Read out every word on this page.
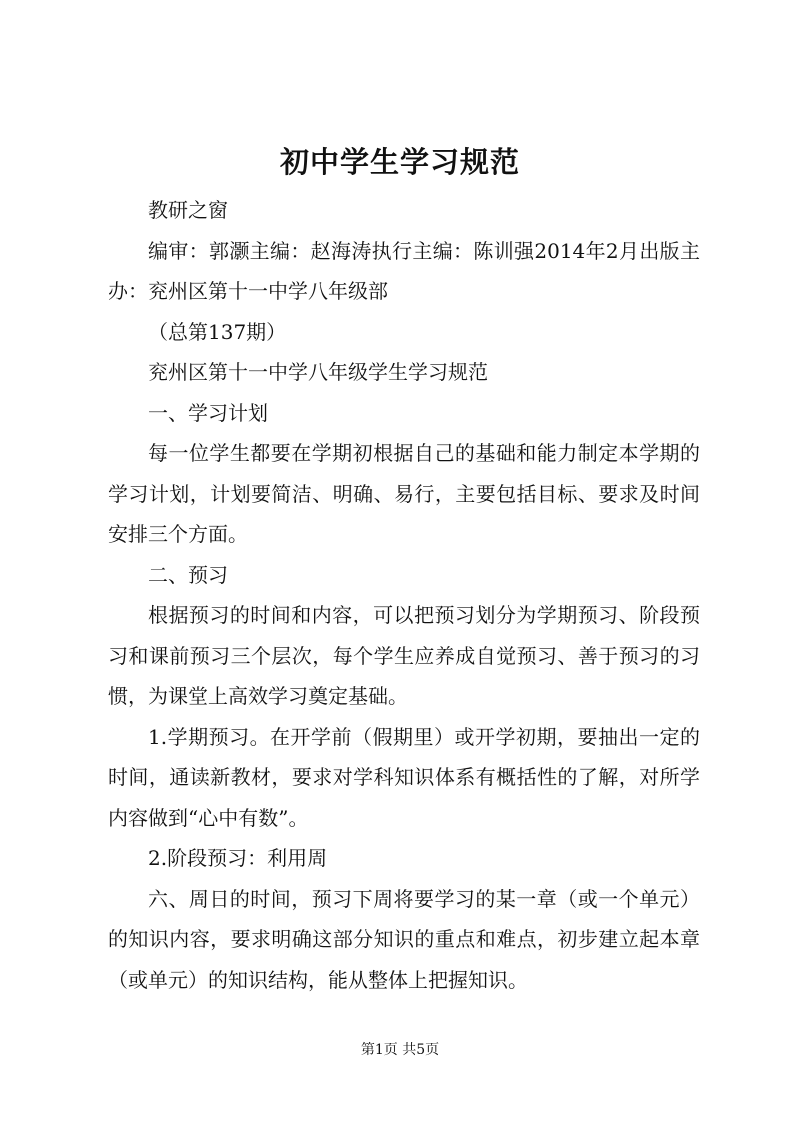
初中学生学习规范

教研之窗

编审：郭灏主编：赵海涛执行主编：陈训强2014年2月出版主办：兖州区第十一中学八年级部

（总第137期）

兖州区第十一中学八年级学生学习规范

一、学习计划

每一位学生都要在学期初根据自己的基础和能力制定本学期的学习计划，计划要简洁、明确、易行，主要包括目标、要求及时间安排三个方面。

二、预习

根据预习的时间和内容，可以把预习划分为学期预习、阶段预习和课前预习三个层次，每个学生应养成自觉预习、善于预习的习惯，为课堂上高效学习奠定基础。

1.学期预习。在开学前（假期里）或开学初期，要抽出一定的时间，通读新教材，要求对学科知识体系有概括性的了解，对所学内容做到“心中有数”。

2.阶段预习：利用周

六、周日的时间，预习下周将要学习的某一章（或一个单元）的知识内容，要求明确这部分知识的重点和难点，初步建立起本章（或单元）的知识结构，能从整体上把握知识。

第1页 共5页
